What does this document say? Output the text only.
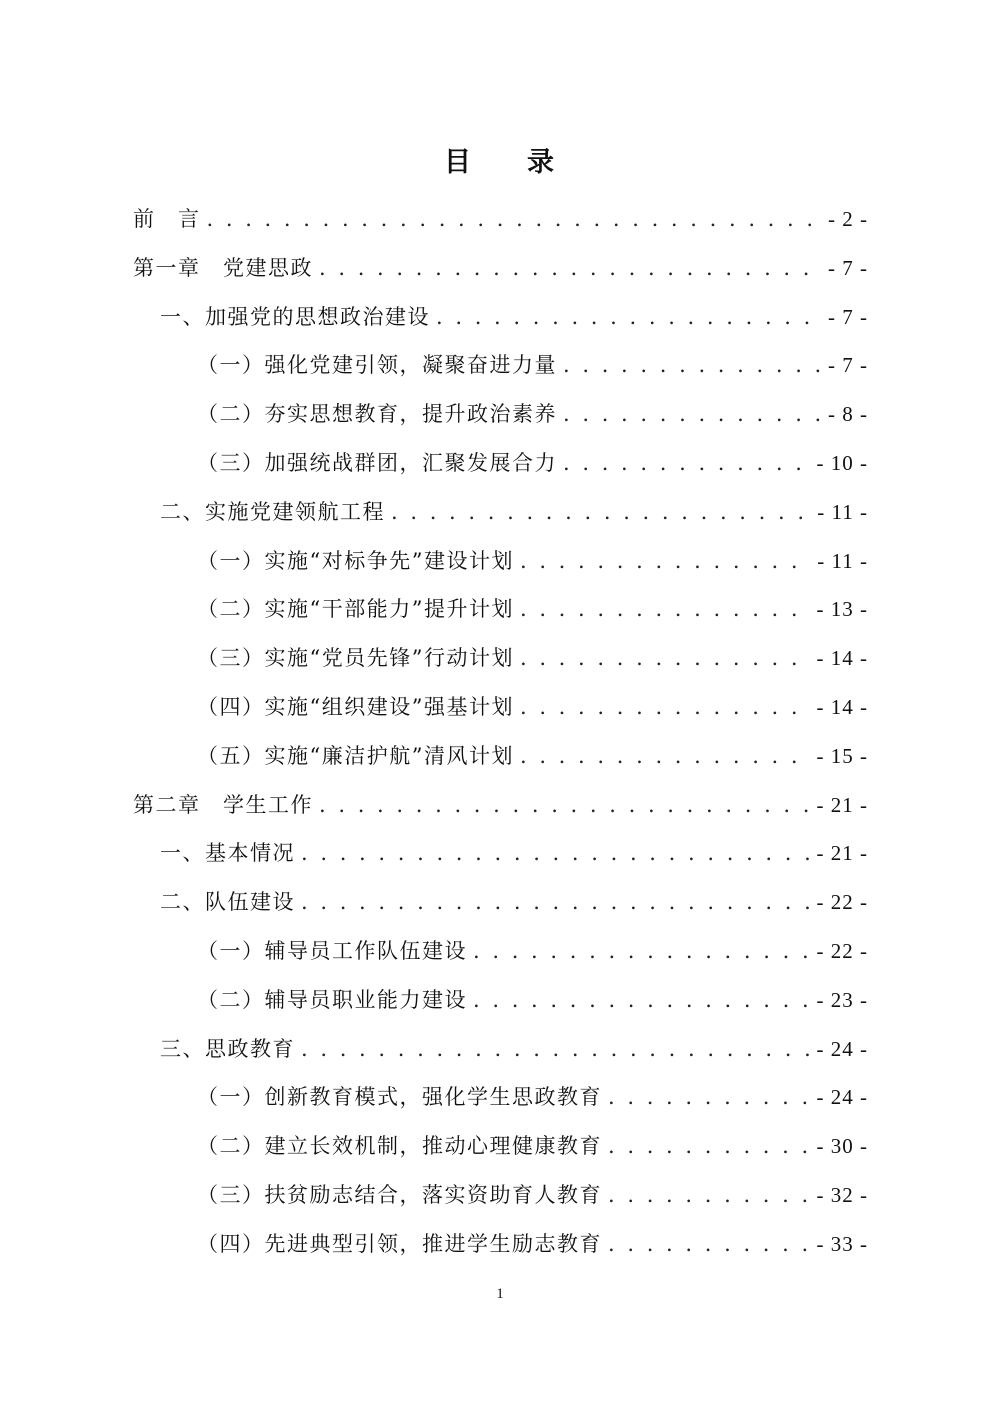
目 录
前　言 . . .	- 2 -
第一章　党建思政 . . .	- 7 -
一、加强党的思想政治建设 . . .	- 7 -
（一）强化党建引领，凝聚奋进力量 . . .	- 7 -
（二）夯实思想教育，提升政治素养 . . .	- 8 -
（三）加强统战群团，汇聚发展合力 . . .	- 10 -
二、实施党建领航工程 . . .	- 11 -
（一）实施“对标争先”建设计划 . . .	- 11 -
（二）实施“干部能力”提升计划 . . .	- 13 -
（三）实施“党员先锋”行动计划 . . .	- 14 -
（四）实施“组织建设”强基计划 . . .	- 14 -
（五）实施“廉洁护航”清风计划 . . .	- 15 -
第二章　学生工作 . . .	- 21 -
一、基本情况 . . .	- 21 -
二、队伍建设 . . .	- 22 -
（一）辅导员工作队伍建设 . . .	- 22 -
（二）辅导员职业能力建设 . . .	- 23 -
三、思政教育 . . .	- 24 -
（一）创新教育模式，强化学生思政教育 . . .	- 24 -
（二）建立长效机制，推动心理健康教育 . . .	- 30 -
（三）扶贫励志结合，落实资助育人教育 . . .	- 32 -
（四）先进典型引领，推进学生励志教育 . . .	- 33 -
1
